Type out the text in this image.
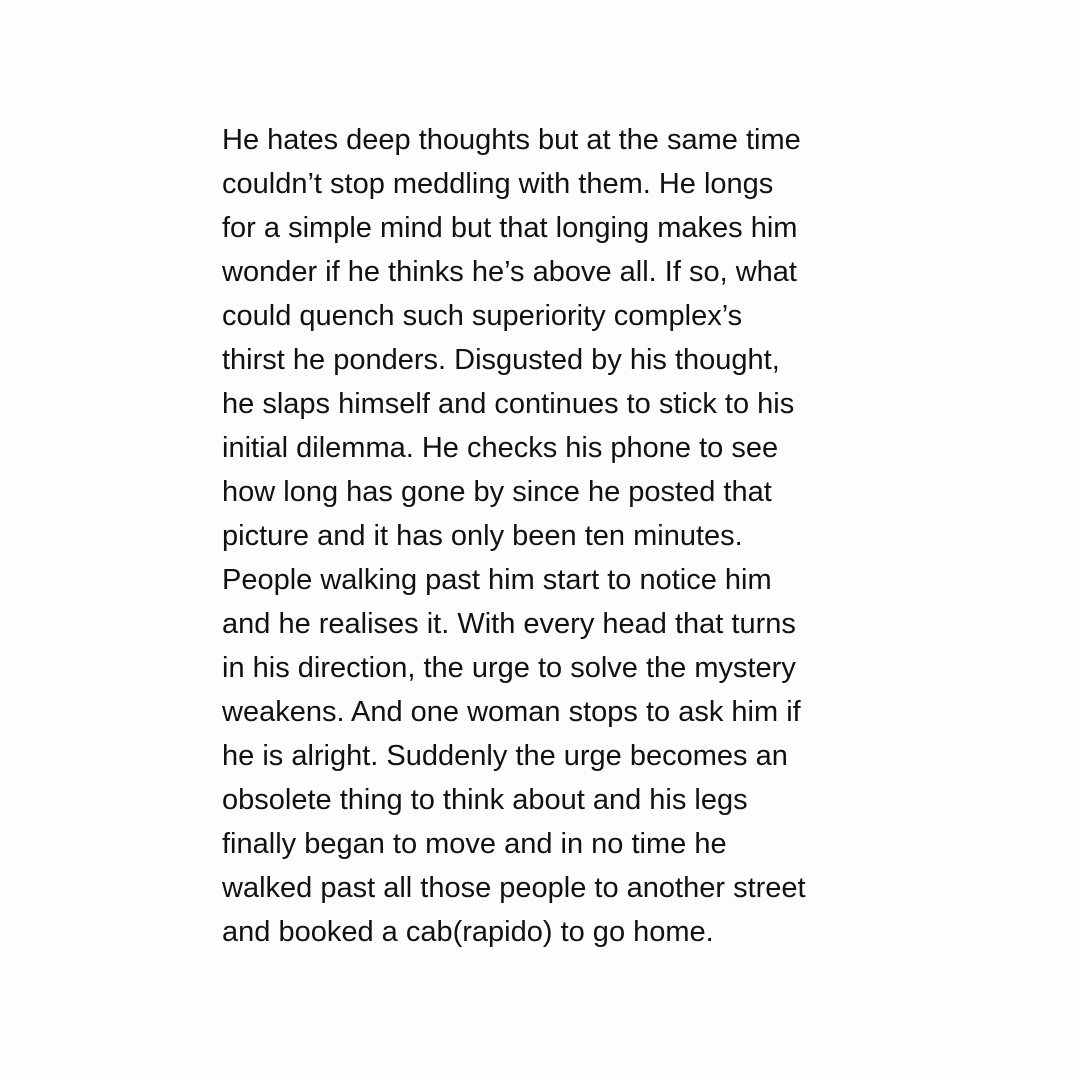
He hates deep thoughts but at the same time
couldn’t stop meddling with them. He longs
for a simple mind but that longing makes him
wonder if he thinks he’s above all. If so, what
could quench such superiority complex’s
thirst he ponders. Disgusted by his thought,
he slaps himself and continues to stick to his
initial dilemma. He checks his phone to see
how long has gone by since he posted that
picture and it has only been ten minutes.
People walking past him start to notice him
and he realises it. With every head that turns
in his direction, the urge to solve the mystery
weakens. And one woman stops to ask him if
he is alright. Suddenly the urge becomes an
obsolete thing to think about and his legs
finally began to move and in no time he
walked past all those people to another street
and booked a cab(rapido) to go home.
